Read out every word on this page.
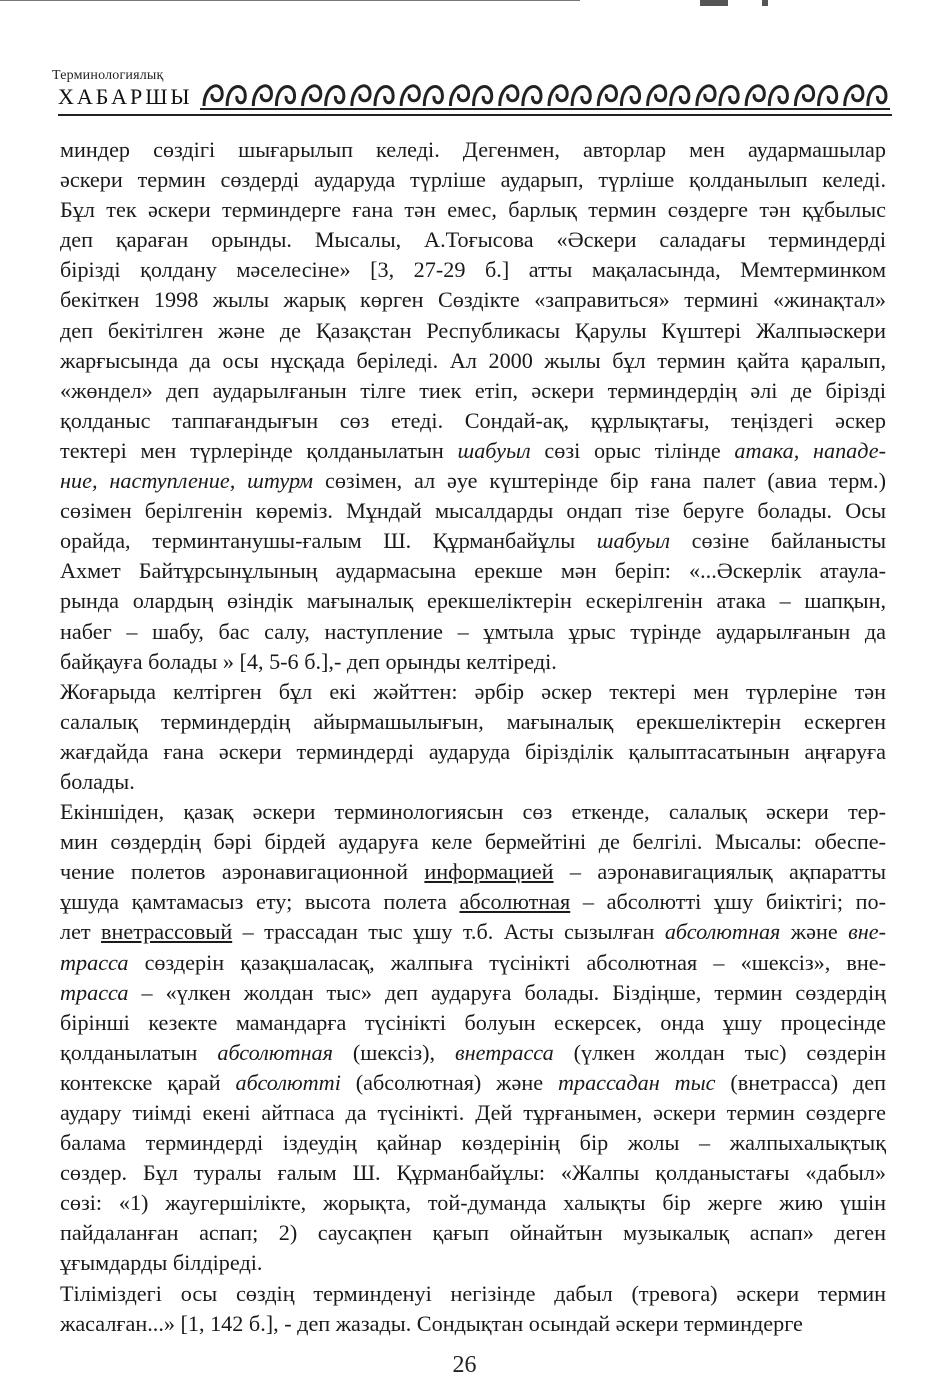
Терминологиялық
ХАБАРШЫ
миндер сөздігі шығарылып келеді. Дегенмен, авторлар мен аудармашылар
әскери термин сөздерді аударуда түрліше аударып, түрліше қолданылып келеді.
Бұл тек әскери терминдерге ғана тән емес, барлық термин сөздерге тән құбылыс
деп қараған орынды. Мысалы, А.Тоғысова «Әскери саладағы терминдерді
бірізді қолдану мәселесіне» [3, 27-29 б.] атты мақаласында, Мемтерминком
бекіткен 1998 жылы жарық көрген Сөздікте «заправиться» термині «жинақтал»
деп бекітілген және де Қазақстан Республикасы Қарулы Күштері Жалпыәскери
жарғысында да осы нұсқада беріледі. Ал 2000 жылы бұл термин қайта қаралып,
«жөндел» деп аударылғанын тілге тиек етіп, әскери терминдердің әлі де бірізді
қолданыс таппағандығын сөз етеді. Сондай-ақ, құрлықтағы, теңіздегі әскер
тектері мен түрлерінде қолданылатын шабуыл сөзі орыс тілінде атака, нападе-
ние, наступление, штурм сөзімен, ал әуе күштерінде бір ғана палет (авиа терм.)
сөзімен берілгенін көреміз. Мұндай мысалдарды ондап тізе беруге болады. Осы
орайда, терминтанушы-ғалым Ш. Құрманбайұлы шабуыл сөзіне байланысты
Ахмет Байтұрсынұлының аудармасына ерекше мән беріп: «...Әскерлік атаула-
рында олардың өзіндік мағыналық ерекшеліктерін ескерілгенін атака – шапқын,
набег – шабу, бас салу, наступление – ұмтыла ұрыс түрінде аударылғанын да
байқауға болады » [4, 5-6 б.],- деп орынды келтіреді.
Жоғарыда келтірген бұл екі жәйттен: әрбір әскер тектері мен түрлеріне тән
салалық терминдердің айырмашылығын, мағыналық ерекшеліктерін ескерген
жағдайда ғана әскери терминдерді аударуда біріздiлік қалыптасатынын аңғаруға
болады.
Екіншіден, қазақ әскери терминологиясын сөз еткенде, салалық әскери тер-
мин сөздердің бәрі бірдей аударуға келе бермейтіні де белгілі. Мысалы: обеспе-
чение полетов аэронавигационной информацией – аэронавигациялық ақпаратты
ұшуда қамтамасыз ету; высота полета абсолютная – абсолютті ұшу биіктігі; по-
лет внетрассовый – трассадан тыс ұшу т.б. Асты сызылған абсолютная және вне-
трасса сөздерін қазақшаласақ, жалпыға түсінікті абсолютная – «шексіз», вне-
трасса – «үлкен жолдан тыс» деп аударуға болады. Біздіңше, термин сөздердің
бірінші кезекте мамандарға түсінікті болуын ескерсек, онда ұшу процесінде
қолданылатын абсолютная (шексіз), внетрасса (үлкен жолдан тыс) сөздерін
контекске қарай абсолютті (абсолютная) және трассадан тыс (внетрасса) деп
аудару тиімді екені айтпаса да түсінікті. Дей тұрғанымен, әскери термин сөздерге
балама терминдерді іздеудің қайнар көздерінің бір жолы – жалпыхалықтық
сөздер. Бұл туралы ғалым Ш. Құрманбайұлы: «Жалпы қолданыстағы «дабыл»
сөзі: «1) жаугершілікте, жорықта, той-думанда халықты бір жерге жию үшін
пайдаланған аспап; 2) саусақпен қағып ойнайтын музыкалық аспап» деген
ұғымдарды білдіреді.
Тіліміздегі осы сөздің терминденуі негізінде дабыл (тревога) әскери термин
жасалған...» [1, 142 б.], - деп жазады. Сондықтан осындай әскери терминдерге
26
